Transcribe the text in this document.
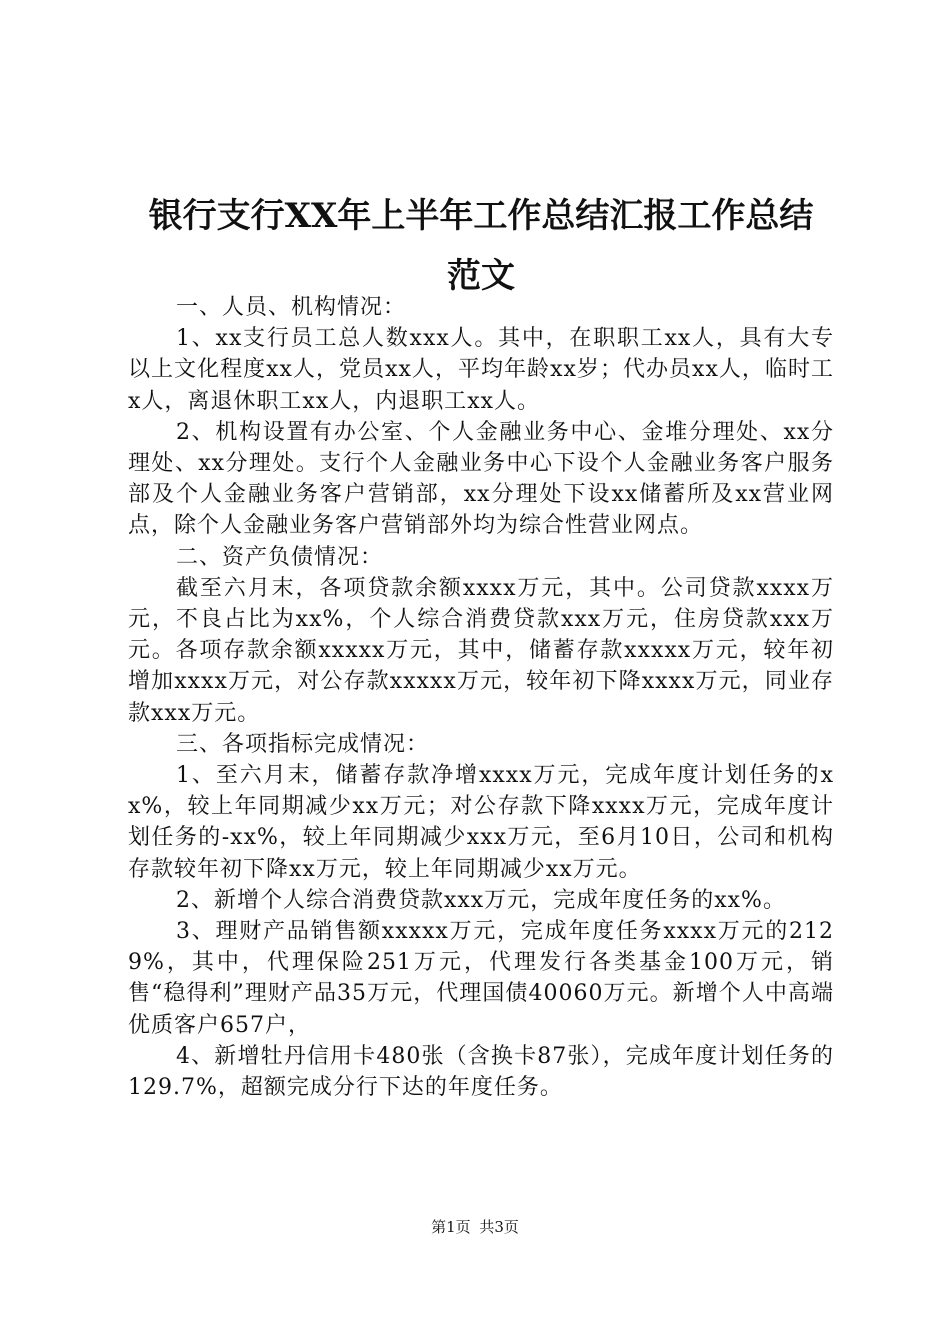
银行支行XX年上半年工作总结汇报工作总结
范文

一、人员、机构情况：

1、xx支行员工总人数xxx人。其中，在职职工xx人，具有大专以上文化程度xx人，党员xx人，平均年龄xx岁；代办员xx人，临时工x人，离退休职工xx人，内退职工xx人。

2、机构设置有办公室、个人金融业务中心、金堆分理处、xx分理处、xx分理处。支行个人金融业务中心下设个人金融业务客户服务部及个人金融业务客户营销部，xx分理处下设xx储蓄所及xx营业网点，除个人金融业务客户营销部外均为综合性营业网点。

二、资产负债情况：

截至六月末，各项贷款余额xxxx万元，其中。公司贷款xxxx万元，不良占比为xx%，个人综合消费贷款xxx万元，住房贷款xxx万元。各项存款余额xxxxx万元，其中，储蓄存款xxxxx万元，较年初增加xxxx万元，对公存款xxxxx万元，较年初下降xxxx万元，同业存款xxx万元。

三、各项指标完成情况：

1、至六月末，储蓄存款净增xxxx万元，完成年度计划任务的xx%，较上年同期减少xx万元；对公存款下降xxxx万元，完成年度计划任务的-xx%，较上年同期减少xxx万元，至6月10日，公司和机构存款较年初下降xx万元，较上年同期减少xx万元。

2、新增个人综合消费贷款xxx万元，完成年度任务的xx%。

3、理财产品销售额xxxxx万元，完成年度任务xxxx万元的2129%，其中，代理保险251万元，代理发行各类基金100万元，销售“稳得利”理财产品35万元，代理国债40060万元。新增个人中高端优质客户657户，

4、新增牡丹信用卡480张（含换卡87张），完成年度计划任务的129.7%，超额完成分行下达的年度任务。

第1页 共3页
